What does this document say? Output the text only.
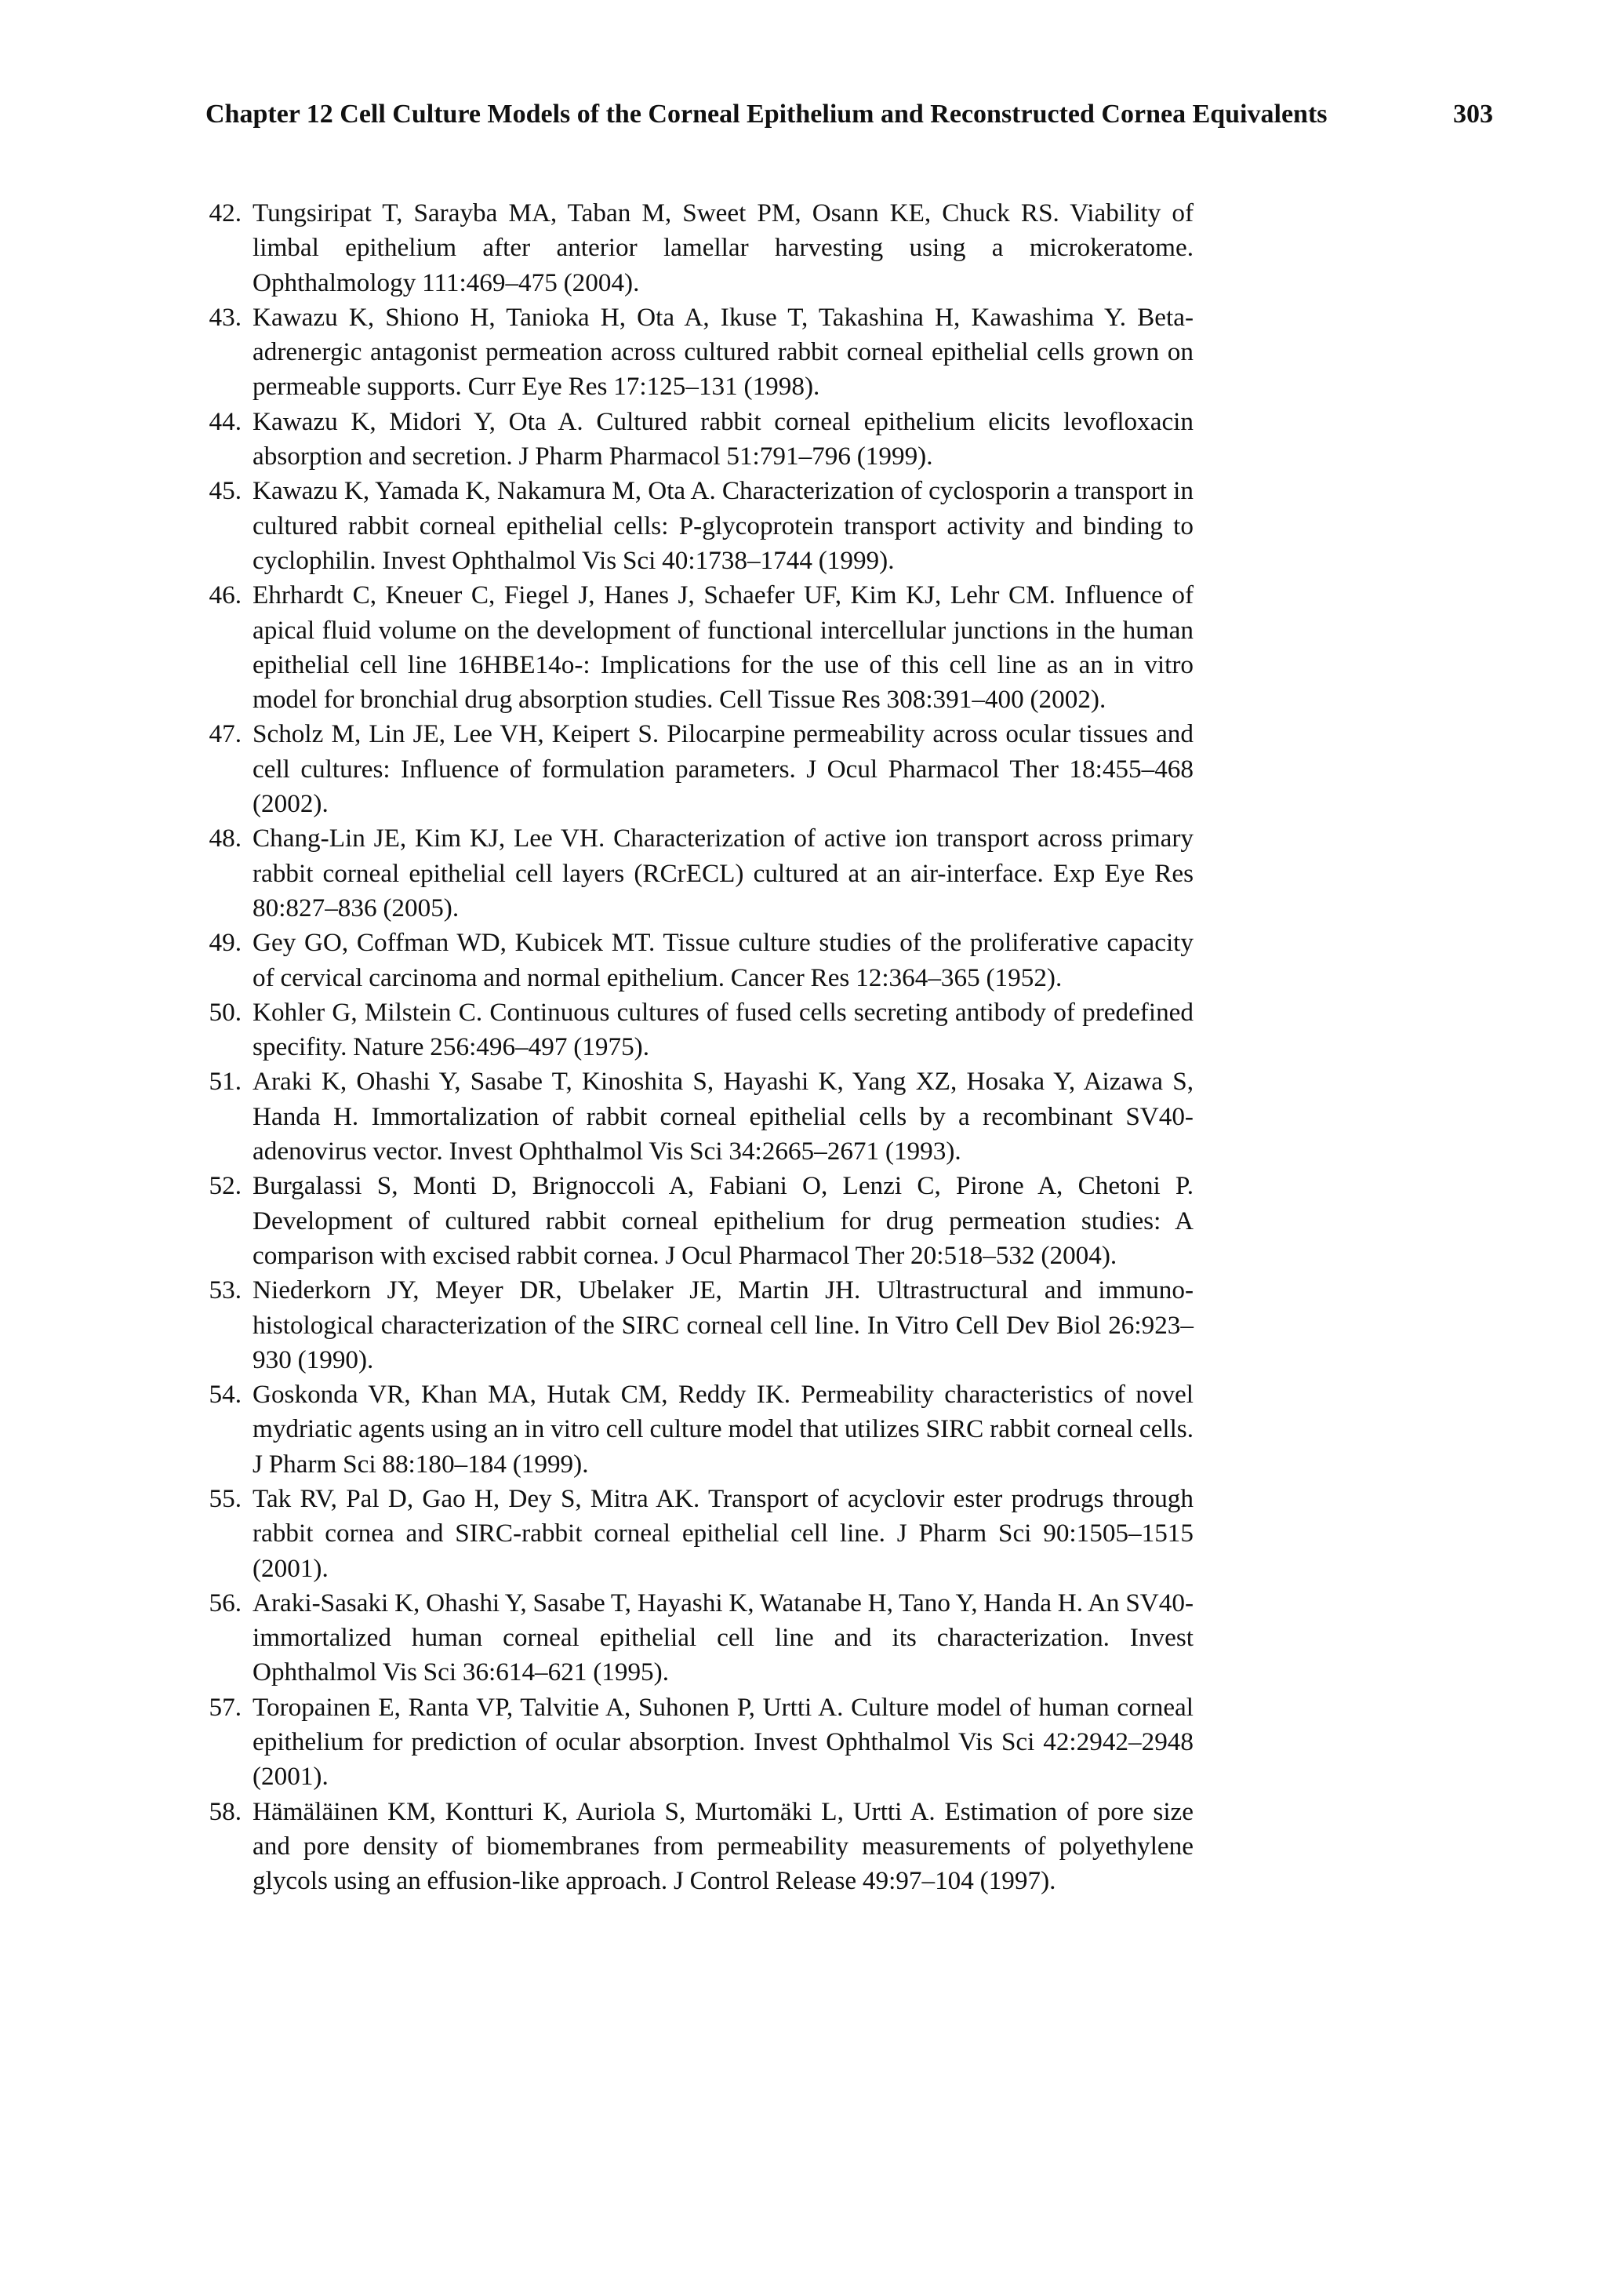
Chapter 12 Cell Culture Models of the Corneal Epithelium and Reconstructed Cornea Equivalents	303
42. Tungsiripat T, Sarayba MA, Taban M, Sweet PM, Osann KE, Chuck RS. Viability of limbal epithelium after anterior lamellar harvesting using a microkeratome. Ophthalmology 111:469–475 (2004).
43. Kawazu K, Shiono H, Tanioka H, Ota A, Ikuse T, Takashina H, Kawashima Y. Beta-adrenergic antagonist permeation across cultured rabbit corneal epithelial cells grown on permeable supports. Curr Eye Res 17:125–131 (1998).
44. Kawazu K, Midori Y, Ota A. Cultured rabbit corneal epithelium elicits levofloxacin absorption and secretion. J Pharm Pharmacol 51:791–796 (1999).
45. Kawazu K, Yamada K, Nakamura M, Ota A. Characterization of cyclosporin a transport in cultured rabbit corneal epithelial cells: P-glycoprotein transport activity and binding to cyclophilin. Invest Ophthalmol Vis Sci 40:1738–1744 (1999).
46. Ehrhardt C, Kneuer C, Fiegel J, Hanes J, Schaefer UF, Kim KJ, Lehr CM. Influence of apical fluid volume on the development of functional intercellular junctions in the human epithelial cell line 16HBE14o-: Implications for the use of this cell line as an in vitro model for bronchial drug absorption studies. Cell Tissue Res 308:391–400 (2002).
47. Scholz M, Lin JE, Lee VH, Keipert S. Pilocarpine permeability across ocular tissues and cell cultures: Influence of formulation parameters. J Ocul Pharmacol Ther 18:455–468 (2002).
48. Chang-Lin JE, Kim KJ, Lee VH. Characterization of active ion transport across primary rabbit corneal epithelial cell layers (RCrECL) cultured at an air-interface. Exp Eye Res 80:827–836 (2005).
49. Gey GO, Coffman WD, Kubicek MT. Tissue culture studies of the proliferative capacity of cervical carcinoma and normal epithelium. Cancer Res 12:364–365 (1952).
50. Kohler G, Milstein C. Continuous cultures of fused cells secreting antibody of predefined specifity. Nature 256:496–497 (1975).
51. Araki K, Ohashi Y, Sasabe T, Kinoshita S, Hayashi K, Yang XZ, Hosaka Y, Aizawa S, Handa H. Immortalization of rabbit corneal epithelial cells by a recombinant SV40-adenovirus vector. Invest Ophthalmol Vis Sci 34:2665–2671 (1993).
52. Burgalassi S, Monti D, Brignoccoli A, Fabiani O, Lenzi C, Pirone A, Chetoni P. Development of cultured rabbit corneal epithelium for drug permeation studies: A comparison with excised rabbit cornea. J Ocul Pharmacol Ther 20:518–532 (2004).
53. Niederkorn JY, Meyer DR, Ubelaker JE, Martin JH. Ultrastructural and immuno-histological characterization of the SIRC corneal cell line. In Vitro Cell Dev Biol 26:923–930 (1990).
54. Goskonda VR, Khan MA, Hutak CM, Reddy IK. Permeability characteristics of novel mydriatic agents using an in vitro cell culture model that utilizes SIRC rabbit corneal cells. J Pharm Sci 88:180–184 (1999).
55. Tak RV, Pal D, Gao H, Dey S, Mitra AK. Transport of acyclovir ester prodrugs through rabbit cornea and SIRC-rabbit corneal epithelial cell line. J Pharm Sci 90:1505–1515 (2001).
56. Araki-Sasaki K, Ohashi Y, Sasabe T, Hayashi K, Watanabe H, Tano Y, Handa H. An SV40-immortalized human corneal epithelial cell line and its characterization. Invest Ophthalmol Vis Sci 36:614–621 (1995).
57. Toropainen E, Ranta VP, Talvitie A, Suhonen P, Urtti A. Culture model of human corneal epithelium for prediction of ocular absorption. Invest Ophthalmol Vis Sci 42:2942–2948 (2001).
58. Hämäläinen KM, Kontturi K, Auriola S, Murtomäki L, Urtti A. Estimation of pore size and pore density of biomembranes from permeability measurements of polyethylene glycols using an effusion-like approach. J Control Release 49:97–104 (1997).
